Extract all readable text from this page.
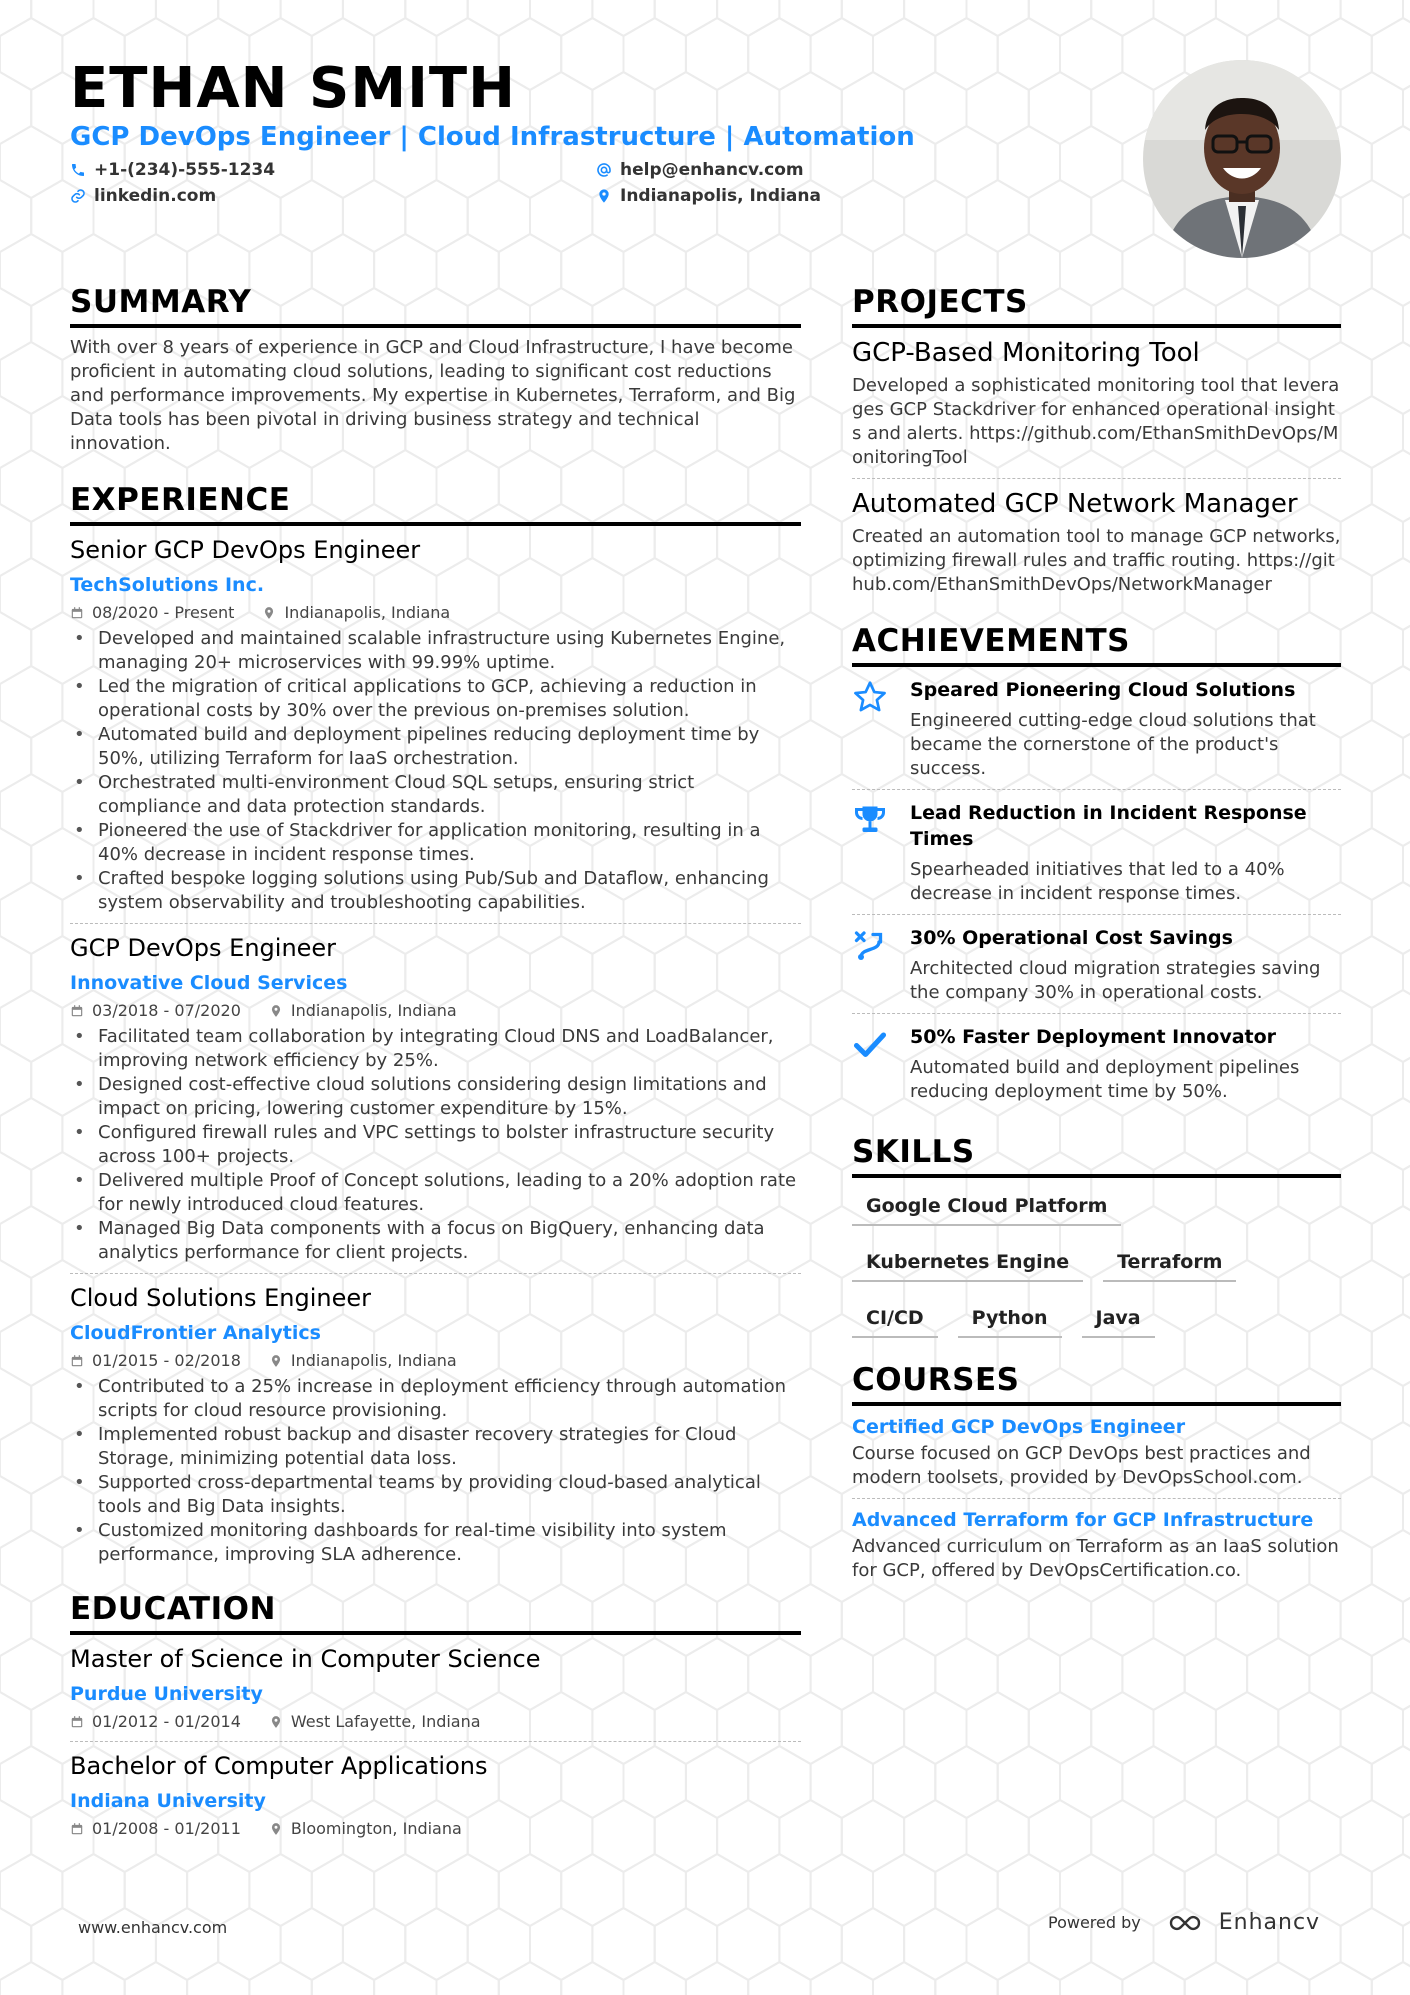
ETHAN SMITH
GCP DevOps Engineer | Cloud Infrastructure | Automation
+1-(234)-555-1234	help@enhancv.com
linkedin.com	Indianapolis, Indiana
SUMMARY
With over 8 years of experience in GCP and Cloud Infrastructure, I have become proficient in automating cloud solutions, leading to significant cost reductions and performance improvements. My expertise in Kubernetes, Terraform, and Big Data tools has been pivotal in driving business strategy and technical innovation.
EXPERIENCE
Senior GCP DevOps Engineer
TechSolutions Inc.
08/2020 - Present	Indianapolis, Indiana
• Developed and maintained scalable infrastructure using Kubernetes Engine, managing 20+ microservices with 99.99% uptime.
• Led the migration of critical applications to GCP, achieving a reduction in operational costs by 30% over the previous on-premises solution.
• Automated build and deployment pipelines reducing deployment time by 50%, utilizing Terraform for IaaS orchestration.
• Orchestrated multi-environment Cloud SQL setups, ensuring strict compliance and data protection standards.
• Pioneered the use of Stackdriver for application monitoring, resulting in a 40% decrease in incident response times.
• Crafted bespoke logging solutions using Pub/Sub and Dataflow, enhancing system observability and troubleshooting capabilities.
GCP DevOps Engineer
Innovative Cloud Services
03/2018 - 07/2020	Indianapolis, Indiana
• Facilitated team collaboration by integrating Cloud DNS and LoadBalancer, improving network efficiency by 25%.
• Designed cost-effective cloud solutions considering design limitations and impact on pricing, lowering customer expenditure by 15%.
• Configured firewall rules and VPC settings to bolster infrastructure security across 100+ projects.
• Delivered multiple Proof of Concept solutions, leading to a 20% adoption rate for newly introduced cloud features.
• Managed Big Data components with a focus on BigQuery, enhancing data analytics performance for client projects.
Cloud Solutions Engineer
CloudFrontier Analytics
01/2015 - 02/2018	Indianapolis, Indiana
• Contributed to a 25% increase in deployment efficiency through automation scripts for cloud resource provisioning.
• Implemented robust backup and disaster recovery strategies for Cloud Storage, minimizing potential data loss.
• Supported cross-departmental teams by providing cloud-based analytical tools and Big Data insights.
• Customized monitoring dashboards for real-time visibility into system performance, improving SLA adherence.
EDUCATION
Master of Science in Computer Science
Purdue University
01/2012 - 01/2014	West Lafayette, Indiana
Bachelor of Computer Applications
Indiana University
01/2008 - 01/2011	Bloomington, Indiana
PROJECTS
GCP-Based Monitoring Tool
Developed a sophisticated monitoring tool that leverages GCP Stackdriver for enhanced operational insights and alerts. https://github.com/EthanSmithDevOps/MonitoringTool
Automated GCP Network Manager
Created an automation tool to manage GCP networks, optimizing firewall rules and traffic routing. https://github.com/EthanSmithDevOps/NetworkManager
ACHIEVEMENTS
Speared Pioneering Cloud Solutions
Engineered cutting-edge cloud solutions that became the cornerstone of the product's success.
Lead Reduction in Incident Response Times
Spearheaded initiatives that led to a 40% decrease in incident response times.
30% Operational Cost Savings
Architected cloud migration strategies saving the company 30% in operational costs.
50% Faster Deployment Innovator
Automated build and deployment pipelines reducing deployment time by 50%.
SKILLS
Google Cloud Platform
Kubernetes Engine	Terraform
CI/CD	Python	Java
COURSES
Certified GCP DevOps Engineer
Course focused on GCP DevOps best practices and modern toolsets, provided by DevOpsSchool.com.
Advanced Terraform for GCP Infrastructure
Advanced curriculum on Terraform as an IaaS solution for GCP, offered by DevOpsCertification.co.
www.enhancv.com	Powered by	Enhancv
